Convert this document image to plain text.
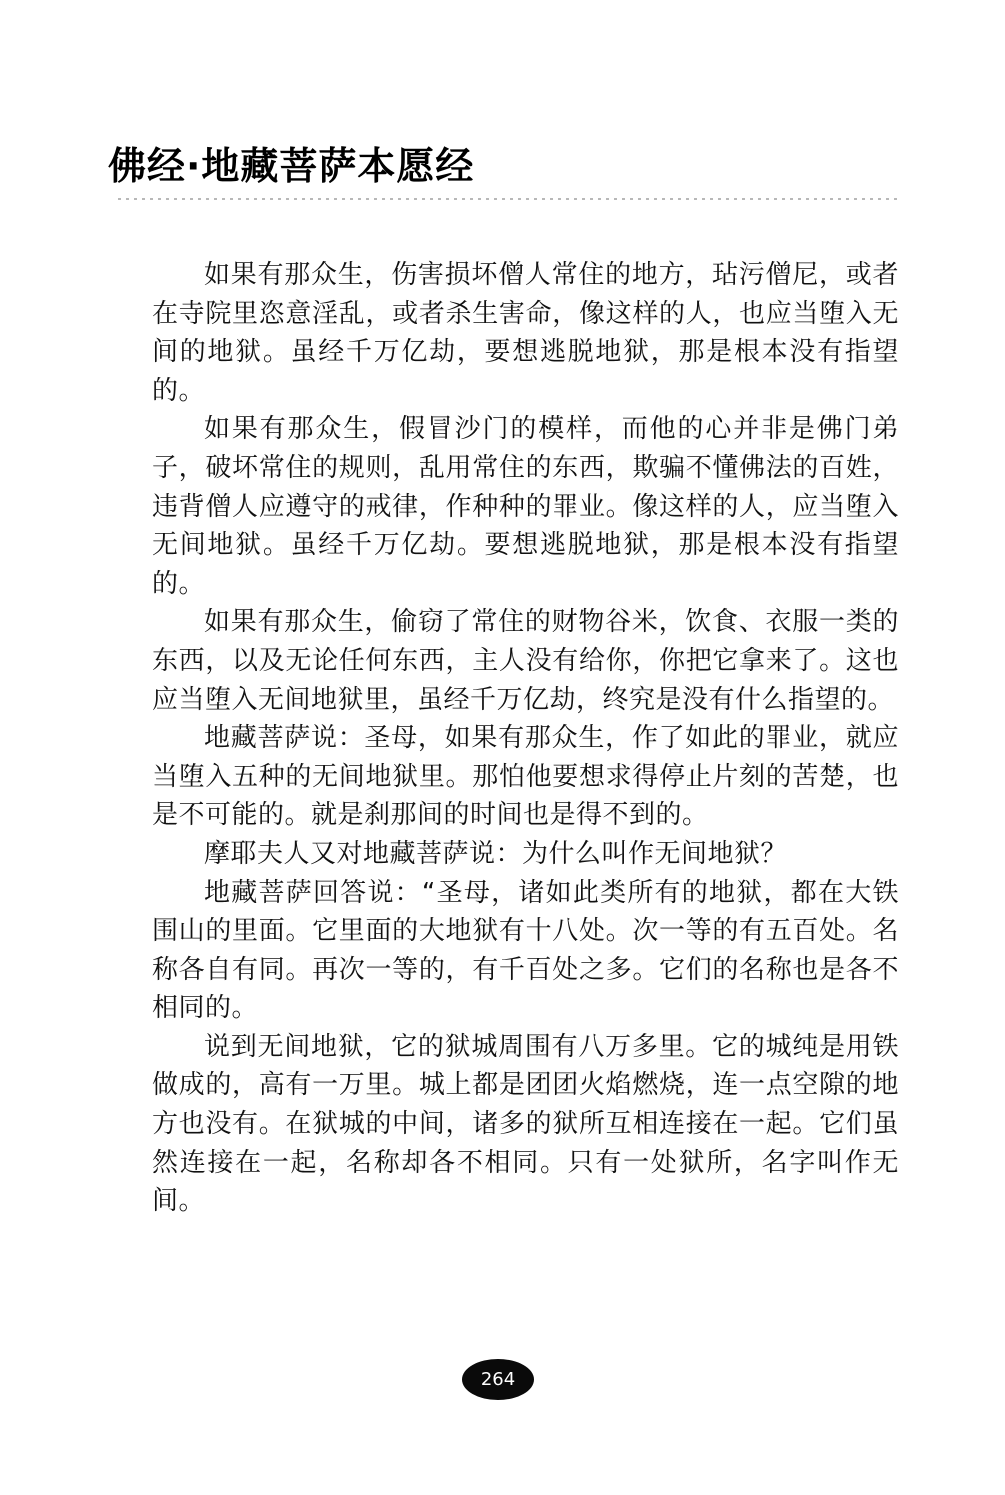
佛经·地藏菩萨本愿经

如果有那众生，伤害损坏僧人常住的地方，玷污僧尼，或者在寺院里恣意淫乱，或者杀生害命，像这样的人，也应当堕入无间的地狱。虽经千万亿劫，要想逃脱地狱，那是根本没有指望的。

如果有那众生，假冒沙门的模样，而他的心并非是佛门弟子，破坏常住的规则，乱用常住的东西，欺骗不懂佛法的百姓，违背僧人应遵守的戒律，作种种的罪业。像这样的人，应当堕入无间地狱。虽经千万亿劫。要想逃脱地狱，那是根本没有指望的。

如果有那众生，偷窃了常住的财物谷米，饮食、衣服一类的东西，以及无论任何东西，主人没有给你，你把它拿来了。这也应当堕入无间地狱里，虽经千万亿劫，终究是没有什么指望的。

地藏菩萨说：圣母，如果有那众生，作了如此的罪业，就应当堕入五种的无间地狱里。那怕他要想求得停止片刻的苦楚，也是不可能的。就是刹那间的时间也是得不到的。

摩耶夫人又对地藏菩萨说：为什么叫作无间地狱？

地藏菩萨回答说：“圣母，诸如此类所有的地狱，都在大铁围山的里面。它里面的大地狱有十八处。次一等的有五百处。名称各自有同。再次一等的，有千百处之多。它们的名称也是各不相同的。

说到无间地狱，它的狱城周围有八万多里。它的城纯是用铁做成的，高有一万里。城上都是团团火焰燃烧，连一点空隙的地方也没有。在狱城的中间，诸多的狱所互相连接在一起。它们虽然连接在一起，名称却各不相同。只有一处狱所，名字叫作无间。

264
